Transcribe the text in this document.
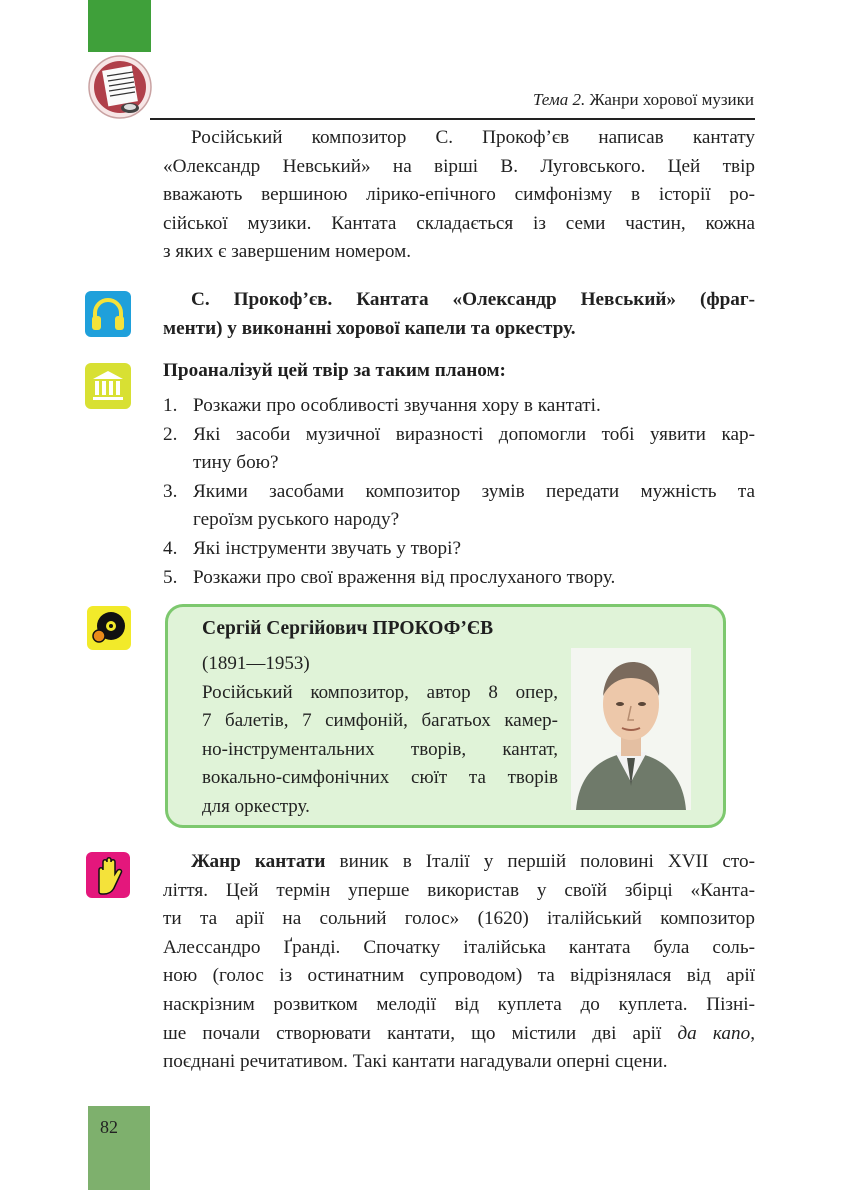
Тема 2. Жанри хорової музики
Російський композитор С. Прокоф’єв написав кантату
«Олександр Невський» на вірші В. Луговського. Цей твір
вважають вершиною лірико-епічного симфонізму в історії ро-
сійської музики. Кантата складається із семи частин, кожна
з яких є завершеним номером.
С. Прокоф’єв. Кантата «Олександр Невський» (фраг-
менти) у виконанні хорової капели та оркестру.
Проаналізуй цей твір за таким планом:
1. Розкажи про особливості звучання хору в кантаті.
2. Які засоби музичної виразності допомогли тобі уявити кар-
тину бою?
3. Якими засобами композитор зумів передати мужність та
героїзм руського народу?
4. Які інструменти звучать у творі?
5. Розкажи про свої враження від прослуханого твору.
Сергій Сергійович ПРОКОФ’ЄВ
(1891—1953)
Російський композитор, автор 8 опер,
7 балетів, 7 симфоній, багатьох камер-
но-інструментальних творів, кантат,
вокально-симфонічних сюїт та творів
для оркестру.
Жанр кантати виник в Італії у першій половині XVII сто-
ліття. Цей термін уперше використав у своїй збірці «Канта-
ти та арії на сольний голос» (1620) італійський композитор
Алессандро Ґранді. Спочатку італійська кантата була соль-
ною (голос із остинатним супроводом) та відрізнялася від арії
наскрізним розвитком мелодії від куплета до куплета. Пізні-
ше почали створювати кантати, що містили дві арії да капо,
поєднані речитативом. Такі кантати нагадували оперні сцени.
82
